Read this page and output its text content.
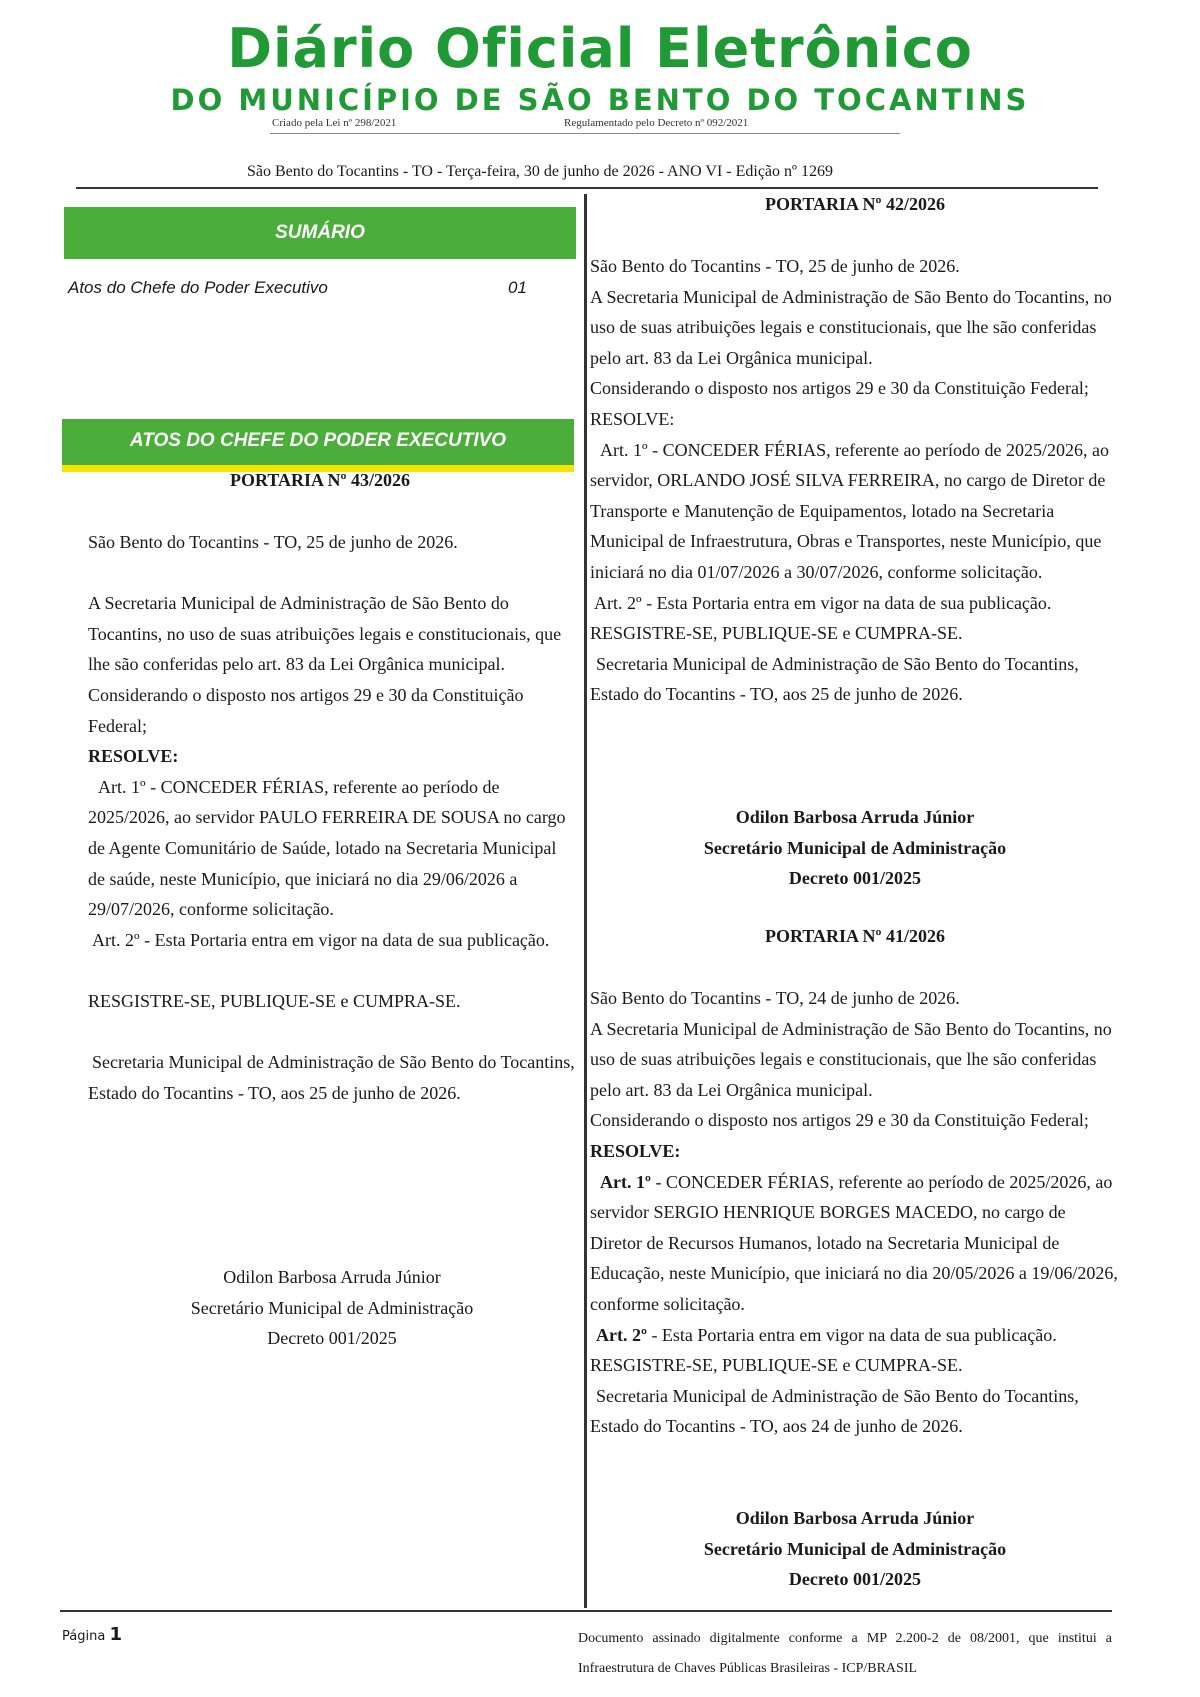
Diário Oficial Eletrônico
DO MUNICÍPIO DE SÃO BENTO DO TOCANTINS
Criado pela Lei nº 298/2021	Regulamentado pelo Decreto nº 092/2021
São Bento do Tocantins - TO - Terça-feira, 30 de junho de 2026 - ANO VI - Edição nº 1269
SUMÁRIO
Atos do Chefe do Poder Executivo	01
ATOS DO CHEFE DO PODER EXECUTIVO
PORTARIA Nº 43/2026

São Bento do Tocantins - TO, 25 de junho de 2026.

A Secretaria Municipal de Administração de São Bento do Tocantins, no uso de suas atribuições legais e constitucionais, que lhe são conferidas pelo art. 83 da Lei Orgânica municipal.

Considerando o disposto nos artigos 29 e 30 da Constituição Federal;

RESOLVE:

Art. 1º - CONCEDER FÉRIAS, referente ao período de 2025/2026, ao servidor PAULO FERREIRA DE SOUSA no cargo de Agente Comunitário de Saúde, lotado na Secretaria Municipal de saúde, neste Município, que iniciará no dia 29/06/2026 a 29/07/2026, conforme solicitação.

Art. 2º - Esta Portaria entra em vigor na data de sua publicação.

RESGISTRE-SE, PUBLIQUE-SE e CUMPRA-SE.

Secretaria Municipal de Administração de São Bento do Tocantins, Estado do Tocantins - TO, aos 25 de junho de 2026.

Odilon Barbosa Arruda Júnior

Secretário Municipal de Administração

Decreto 001/2025

PORTARIA Nº 42/2026

São Bento do Tocantins - TO, 25 de junho de 2026.

A Secretaria Municipal de Administração de São Bento do Tocantins, no uso de suas atribuições legais e constitucionais, que lhe são conferidas pelo art. 83 da Lei Orgânica municipal.

Considerando o disposto nos artigos 29 e 30 da Constituição Federal;

RESOLVE:

Art. 1º - CONCEDER FÉRIAS, referente ao período de 2025/2026, ao servidor, ORLANDO JOSÉ SILVA FERREIRA, no cargo de Diretor de Transporte e Manutenção de Equipamentos, lotado na Secretaria Municipal de Infraestrutura, Obras e Transportes, neste Município, que iniciará no dia 01/07/2026 a 30/07/2026, conforme solicitação.

Art. 2º - Esta Portaria entra em vigor na data de sua publicação.

RESGISTRE-SE, PUBLIQUE-SE e CUMPRA-SE.

Secretaria Municipal de Administração de São Bento do Tocantins, Estado do Tocantins - TO, aos 25 de junho de 2026.

Odilon Barbosa Arruda Júnior

Secretário Municipal de Administração

Decreto 001/2025

PORTARIA Nº 41/2026

São Bento do Tocantins - TO, 24 de junho de 2026.

A Secretaria Municipal de Administração de São Bento do Tocantins, no uso de suas atribuições legais e constitucionais, que lhe são conferidas pelo art. 83 da Lei Orgânica municipal.

Considerando o disposto nos artigos 29 e 30 da Constituição Federal;

RESOLVE:

Art. 1º - CONCEDER FÉRIAS, referente ao período de 2025/2026, ao servidor SERGIO HENRIQUE BORGES MACEDO, no cargo de Diretor de Recursos Humanos, lotado na Secretaria Municipal de Educação, neste Município, que iniciará no dia 20/05/2026 a 19/06/2026, conforme solicitação.

Art. 2º - Esta Portaria entra em vigor na data de sua publicação.

RESGISTRE-SE, PUBLIQUE-SE e CUMPRA-SE.

Secretaria Municipal de Administração de São Bento do Tocantins, Estado do Tocantins - TO, aos 24 de junho de 2026.

Odilon Barbosa Arruda Júnior

Secretário Municipal de Administração

Decreto 001/2025

Página 1	Documento assinado digitalmente conforme a MP 2.200-2 de 08/2001, que institui a Infraestrutura de Chaves Públicas Brasileiras - ICP/BRASIL
